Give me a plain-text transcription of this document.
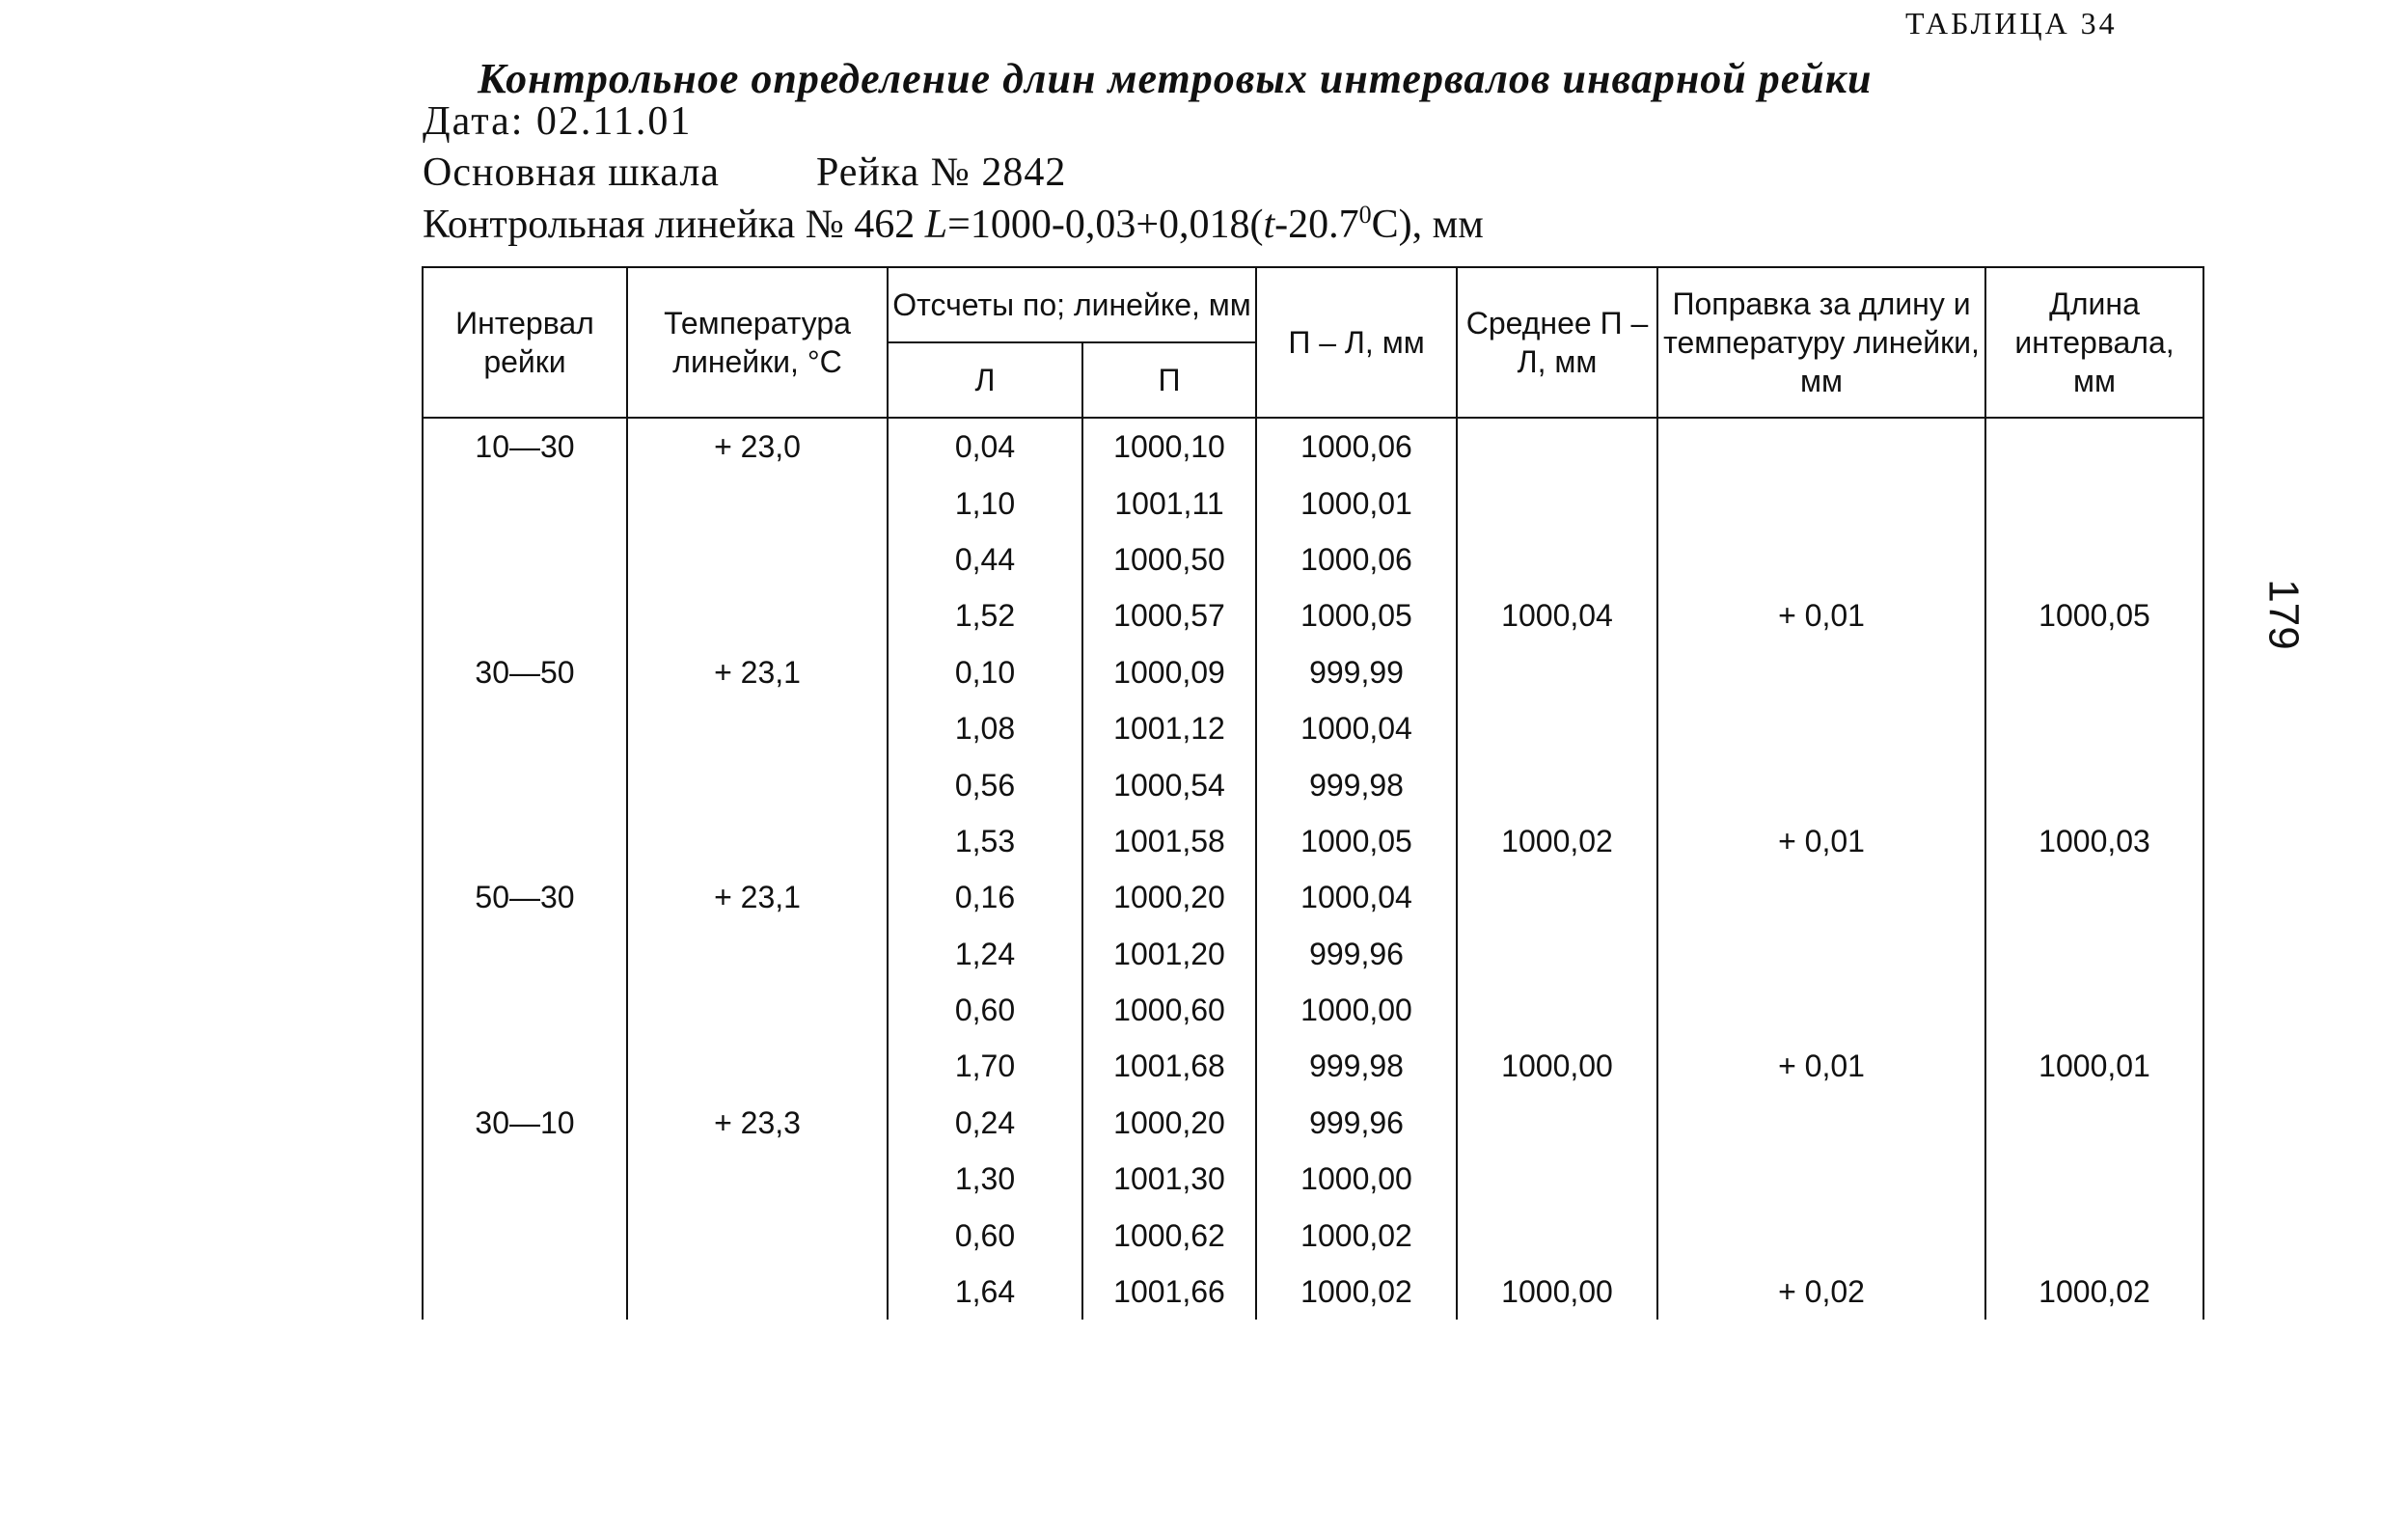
ТАБЛИЦА 34
Контрольное определение длин метровых интервалов инварной рейки
Дата: 02.11.01
Основная шкала Рейка № 2842
Контрольная линейка № 462 $L=1000-0,03+0,018(t-20.7^0С)$, мм
179
Интервал рейки	Температура линейки, °С	Отсчеты по; линейке, мм		П – Л, мм	Среднее П – Л, мм	Поправка за длину и температуру линейки, мм	Длина интервала, мм
		Л	П				
10—30	+ 23,0	0,04	1000,10	1000,06			
		1,10	1001,11	1000,01			
		0,44	1000,50	1000,06			
		1,52	1000,57	1000,05	1000,04	+ 0,01	1000,05
30—50	+ 23,1	0,10	1000,09	999,99			
		1,08	1001,12	1000,04			
		0,56	1000,54	999,98			
		1,53	1001,58	1000,05	1000,02	+ 0,01	1000,03
50—30	+ 23,1	0,16	1000,20	1000,04			
		1,24	1001,20	999,96			
		0,60	1000,60	1000,00			
		1,70	1001,68	999,98	1000,00	+ 0,01	1000,01
30—10	+ 23,3	0,24	1000,20	999,96			
		1,30	1001,30	1000,00			
		0,60	1000,62	1000,02			
		1,64	1001,66	1000,02	1000,00	+ 0,02	1000,02
